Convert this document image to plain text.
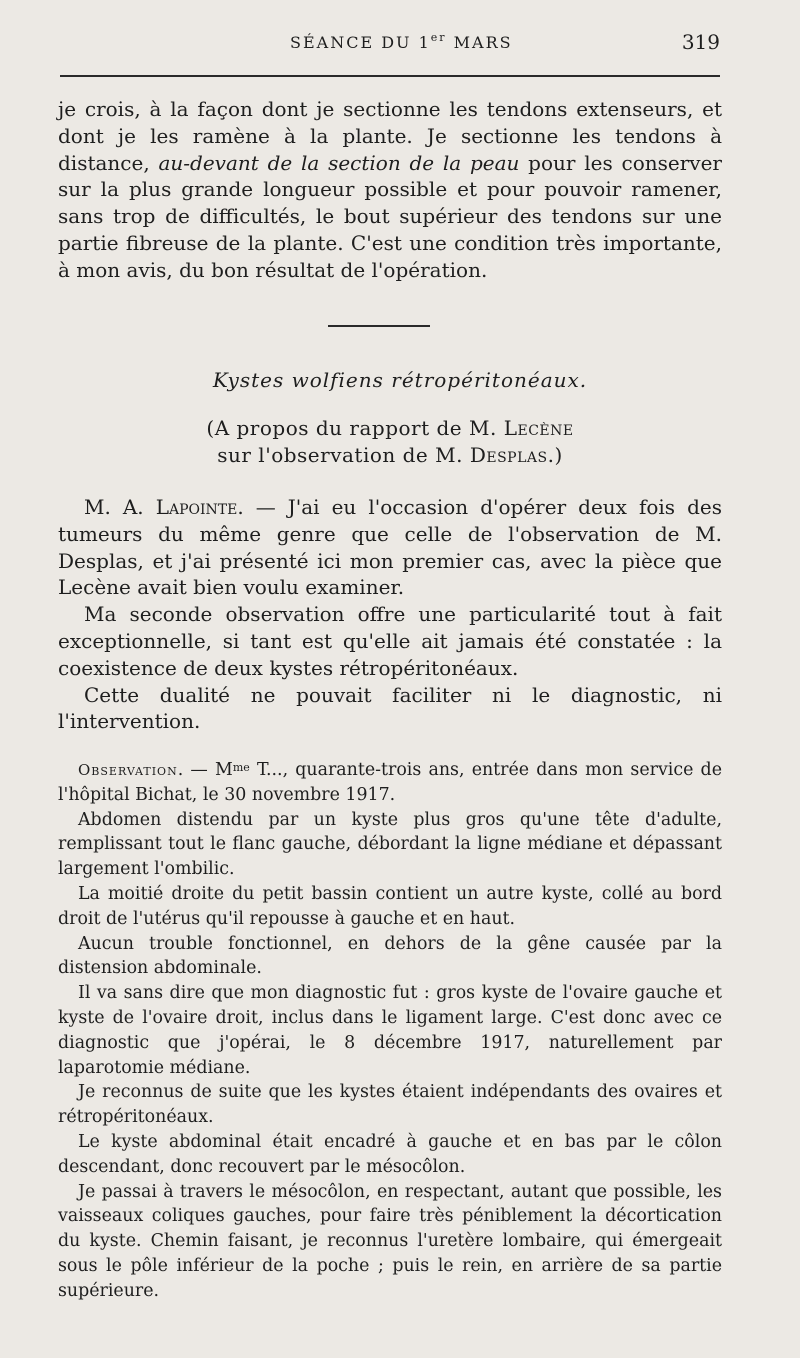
SÉANCE DU 1er MARS	319

je crois, à la façon dont je sectionne les tendons extenseurs, et dont je les ramène à la plante. Je sectionne les tendons à distance, au-devant de la section de la peau pour les conserver sur la plus grande longueur possible et pour pouvoir ramener, sans trop de difficultés, le bout supérieur des tendons sur une partie fibreuse de la plante. C'est une condition très importante, à mon avis, du bon résultat de l'opération.

Kystes wolfiens rétropéritonéaux.
(A propos du rapport de M. Lecène
sur l'observation de M. Desplas.)

M. A. Lapointe. — J'ai eu l'occasion d'opérer deux fois des tumeurs du même genre que celle de l'observation de M. Desplas, et j'ai présenté ici mon premier cas, avec la pièce que Lecène avait bien voulu examiner.

Ma seconde observation offre une particularité tout à fait exceptionnelle, si tant est qu'elle ait jamais été constatée : la coexistence de deux kystes rétropéritonéaux.

Cette dualité ne pouvait faciliter ni le diagnostic, ni l'intervention.

Observation. — $M^{me}$ T..., quarante-trois ans, entrée dans mon service de l'hôpital Bichat, le 30 novembre 1917.

Abdomen distendu par un kyste plus gros qu'une tête d'adulte, remplissant tout le flanc gauche, débordant la ligne médiane et dépassant largement l'ombilic.

La moitié droite du petit bassin contient un autre kyste, collé au bord droit de l'utérus qu'il repousse à gauche et en haut.

Aucun trouble fonctionnel, en dehors de la gêne causée par la distension abdominale.

Il va sans dire que mon diagnostic fut : gros kyste de l'ovaire gauche et kyste de l'ovaire droit, inclus dans le ligament large. C'est donc avec ce diagnostic que j'opérai, le 8 décembre 1917, naturellement par laparotomie médiane.

Je reconnus de suite que les kystes étaient indépendants des ovaires et rétropéritonéaux.

Le kyste abdominal était encadré à gauche et en bas par le côlon descendant, donc recouvert par le mésocôlon.

Je passai à travers le mésocôlon, en respectant, autant que possible, les vaisseaux coliques gauches, pour faire très péniblement la décortication du kyste. Chemin faisant, je reconnus l'uretère lombaire, qui émergeait sous le pôle inférieur de la poche ; puis le rein, en arrière de sa partie supérieure.
